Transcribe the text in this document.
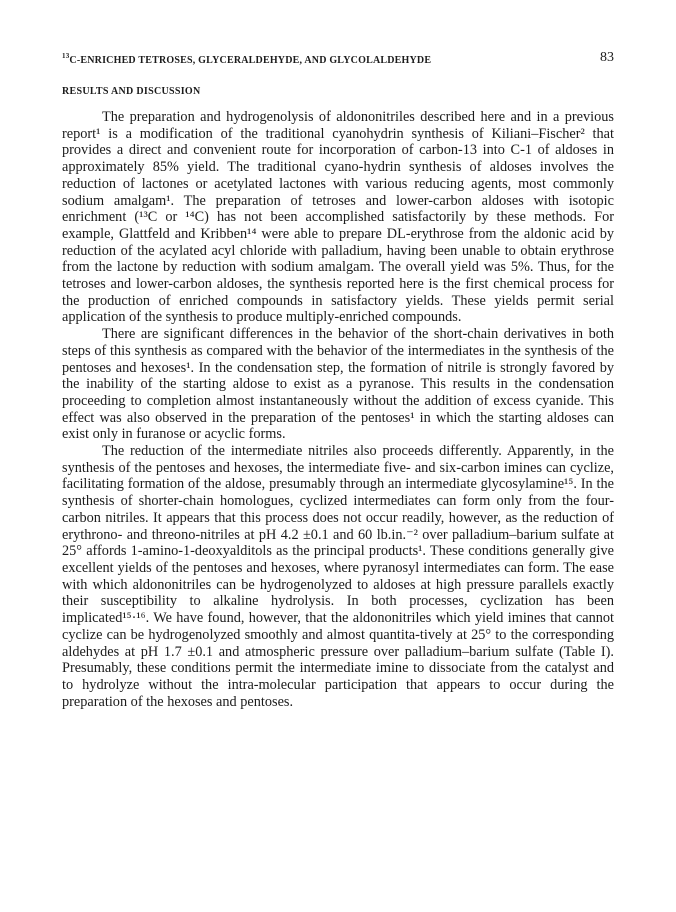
$^{13}$C-ENRICHED TETROSES, GLYCERALDEHYDE, AND GLYCOLALDEHYDE	83
RESULTS AND DISCUSSION

The preparation and hydrogenolysis of aldononitriles described here and in a previous report¹ is a modification of the traditional cyanohydrin synthesis of Kiliani–Fischer² that provides a direct and convenient route for incorporation of carbon-13 into C-1 of aldoses in approximately 85% yield. The traditional cyano-hydrin synthesis of aldoses involves the reduction of lactones or acetylated lactones with various reducing agents, most commonly sodium amalgam¹. The preparation of tetroses and lower-carbon aldoses with isotopic enrichment (¹³C or ¹⁴C) has not been accomplished satisfactorily by these methods. For example, Glattfeld and Kribben¹⁴ were able to prepare DL-erythrose from the aldonic acid by reduction of the acylated acyl chloride with palladium, having been unable to obtain erythrose from the lactone by reduction with sodium amalgam. The overall yield was 5%. Thus, for the tetroses and lower-carbon aldoses, the synthesis reported here is the first chemical process for the production of enriched compounds in satisfactory yields. These yields permit serial application of the synthesis to produce multiply-enriched compounds.

There are significant differences in the behavior of the short-chain derivatives in both steps of this synthesis as compared with the behavior of the intermediates in the synthesis of the pentoses and hexoses¹. In the condensation step, the formation of nitrile is strongly favored by the inability of the starting aldose to exist as a pyranose. This results in the condensation proceeding to completion almost instantaneously without the addition of excess cyanide. This effect was also observed in the preparation of the pentoses¹ in which the starting aldoses can exist only in furanose or acyclic forms.

The reduction of the intermediate nitriles also proceeds differently. Apparently, in the synthesis of the pentoses and hexoses, the intermediate five- and six-carbon imines can cyclize, facilitating formation of the aldose, presumably through an intermediate glycosylamine¹⁵. In the synthesis of shorter-chain homologues, cyclized intermediates can form only from the four-carbon nitriles. It appears that this process does not occur readily, however, as the reduction of erythrono- and threono-nitriles at pH 4.2 ±0.1 and 60 lb.in.⁻² over palladium–barium sulfate at 25° affords 1-amino-1-deoxyalditols as the principal products¹. These conditions generally give excellent yields of the pentoses and hexoses, where pyranosyl intermediates can form. The ease with which aldononitriles can be hydrogenolyzed to aldoses at high pressure parallels exactly their susceptibility to alkaline hydrolysis. In both processes, cyclization has been implicated¹⁵·¹⁶. We have found, however, that the aldononitriles which yield imines that cannot cyclize can be hydrogenolyzed smoothly and almost quantita-tively at 25° to the corresponding aldehydes at pH 1.7 ±0.1 and atmospheric pressure over palladium–barium sulfate (Table I). Presumably, these conditions permit the intermediate imine to dissociate from the catalyst and to hydrolyze without the intra-molecular participation that appears to occur during the preparation of the hexoses and pentoses.
